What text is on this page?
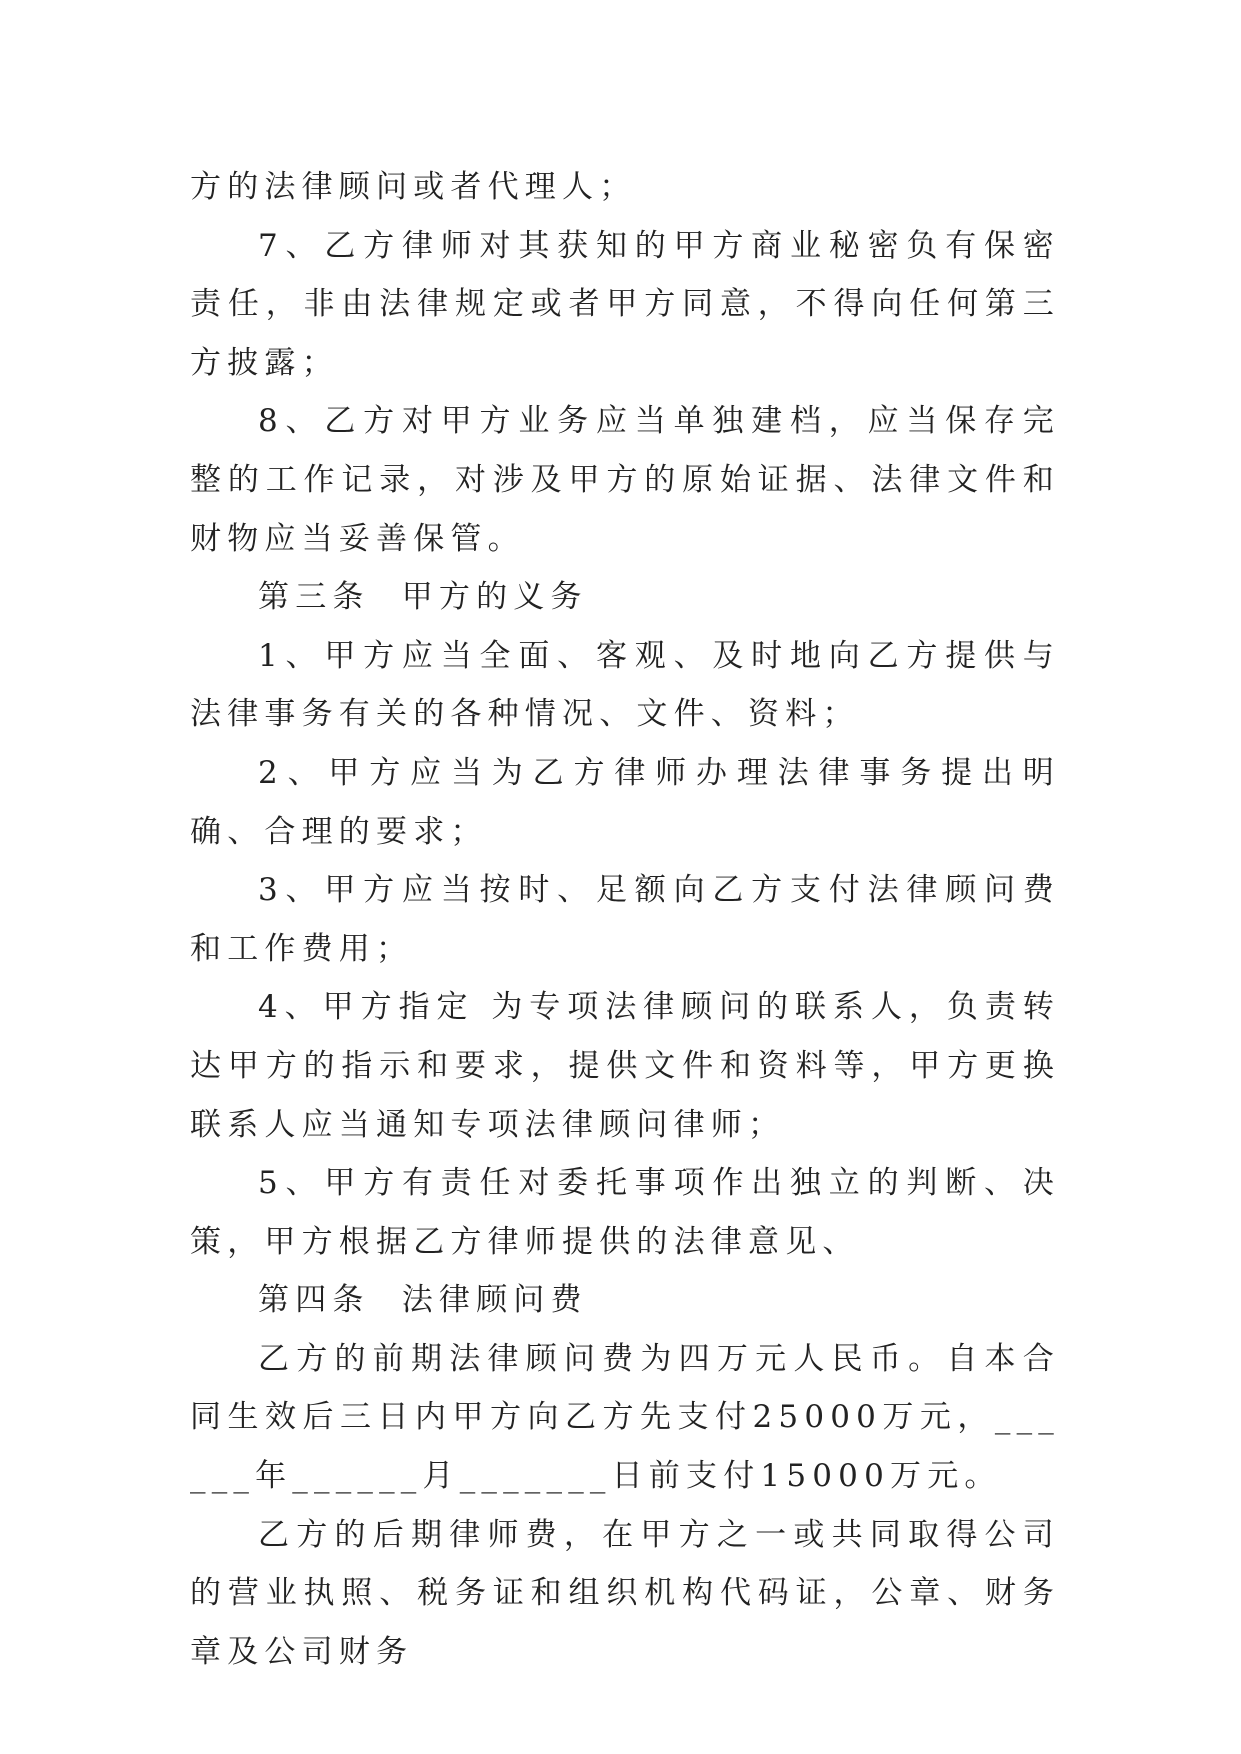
方的法律顾问或者代理人；

7、乙方律师对其获知的甲方商业秘密负有保密责任，非由法律规定或者甲方同意，不得向任何第三方披露；

8、乙方对甲方业务应当单独建档，应当保存完整的工作记录，对涉及甲方的原始证据、法律文件和财物应当妥善保管。

第三条  甲方的义务

1、甲方应当全面、客观、及时地向乙方提供与法律事务有关的各种情况、文件、资料；

2、甲方应当为乙方律师办理法律事务提出明确、合理的要求；

3、甲方应当按时、足额向乙方支付法律顾问费和工作费用；

4、甲方指定 为专项法律顾问的联系人，负责转达甲方的指示和要求，提供文件和资料等，甲方更换联系人应当通知专项法律顾问律师；

5、甲方有责任对委托事项作出独立的判断、决策，甲方根据乙方律师提供的法律意见、

第四条  法律顾问费

乙方的前期法律顾问费为四万元人民币。自本合同生效后三日内甲方向乙方先支付25000万元，______年______月_______日前支付15000万元。

乙方的后期律师费，在甲方之一或共同取得公司的营业执照、税务证和组织机构代码证，公章、财务章及公司财务
